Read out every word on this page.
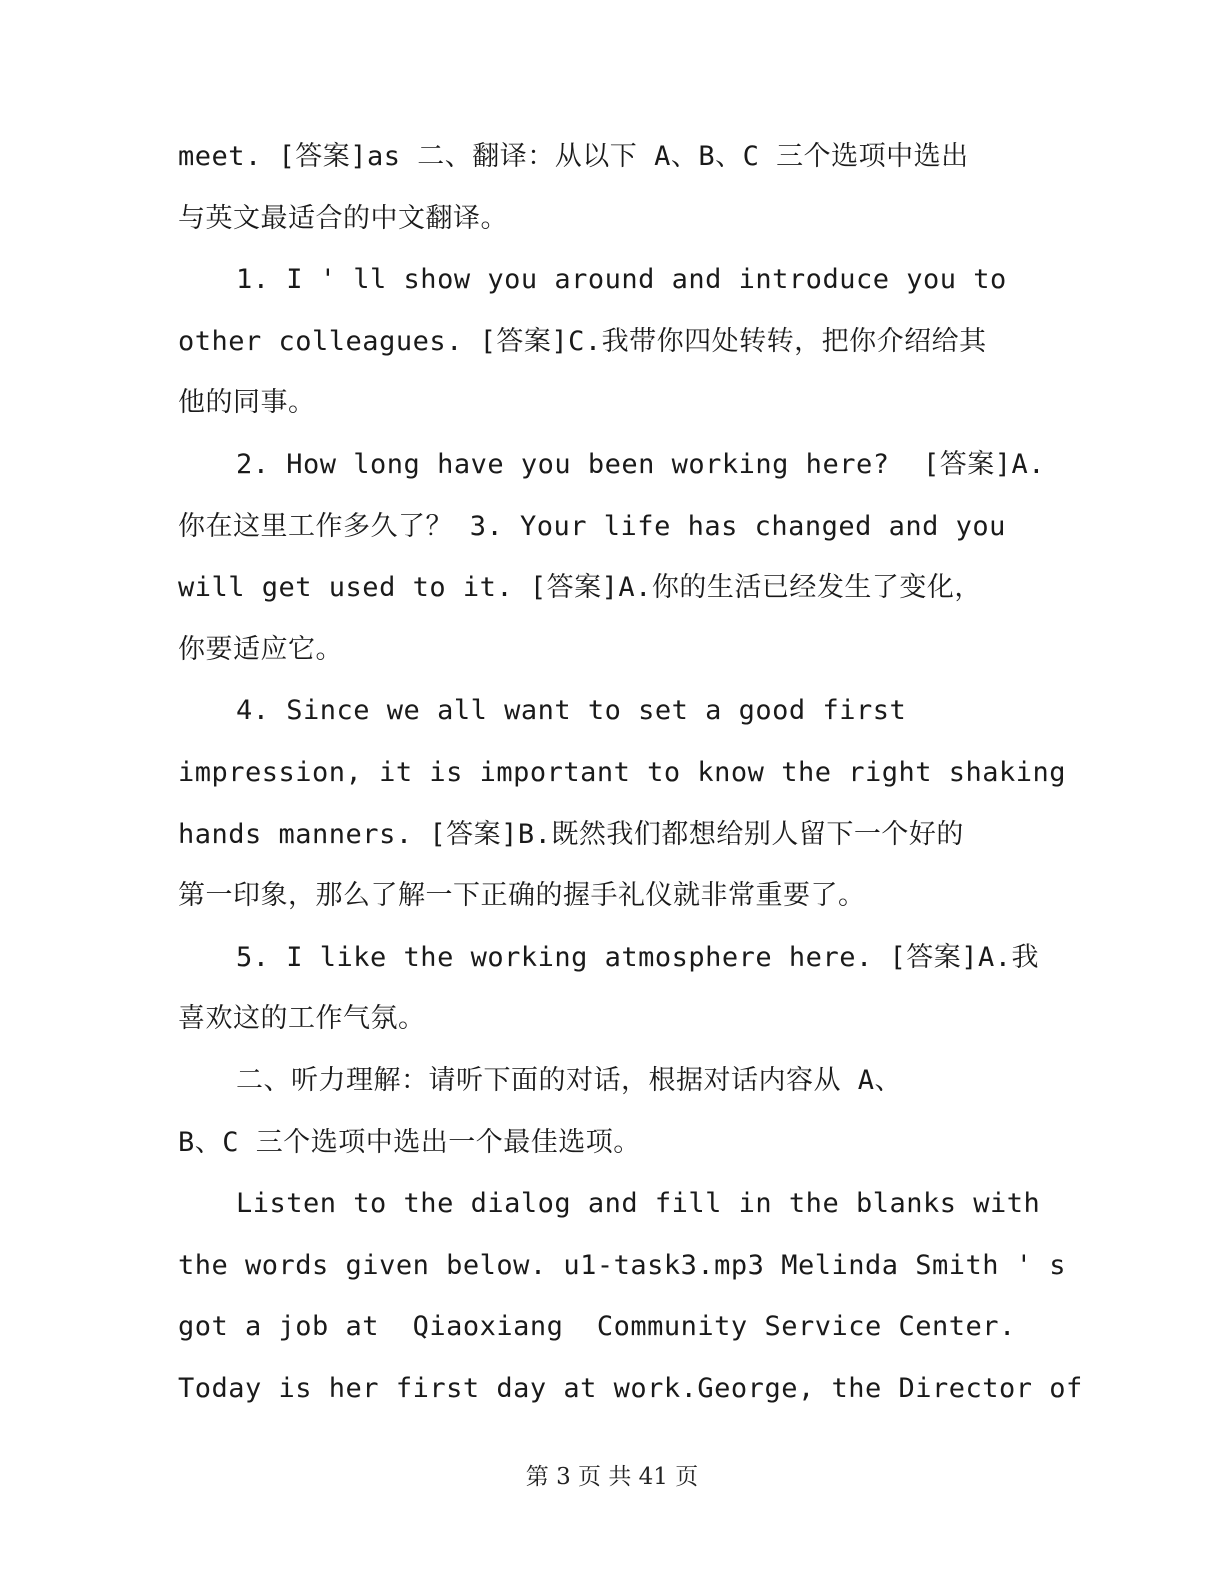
meet. [答案]as 二、翻译：从以下 A、B、C 三个选项中选出
与英文最适合的中文翻译。
1. I ' ll show you around and introduce you to
other colleagues. [答案]C.我带你四处转转，把你介绍给其
他的同事。
2. How long have you been working here?  [答案]A.
你在这里工作多久了？ 3. Your life has changed and you
will get used to it. [答案]A.你的生活已经发生了变化，
你要适应它。
4. Since we all want to set a good first
impression, it is important to know the right shaking
hands manners. [答案]B.既然我们都想给别人留下一个好的
第一印象，那么了解一下正确的握手礼仪就非常重要了。
5. I like the working atmosphere here. [答案]A.我
喜欢这的工作气氛。
二、听力理解：请听下面的对话，根据对话内容从 A、
B、C 三个选项中选出一个最佳选项。
Listen to the dialog and fill in the blanks with
the words given below. u1-task3.mp3 Melinda Smith ' s
got a job at  Qiaoxiang  Community Service Center.
Today is her first day at work.George, the Director of
第 3 页 共 41 页
